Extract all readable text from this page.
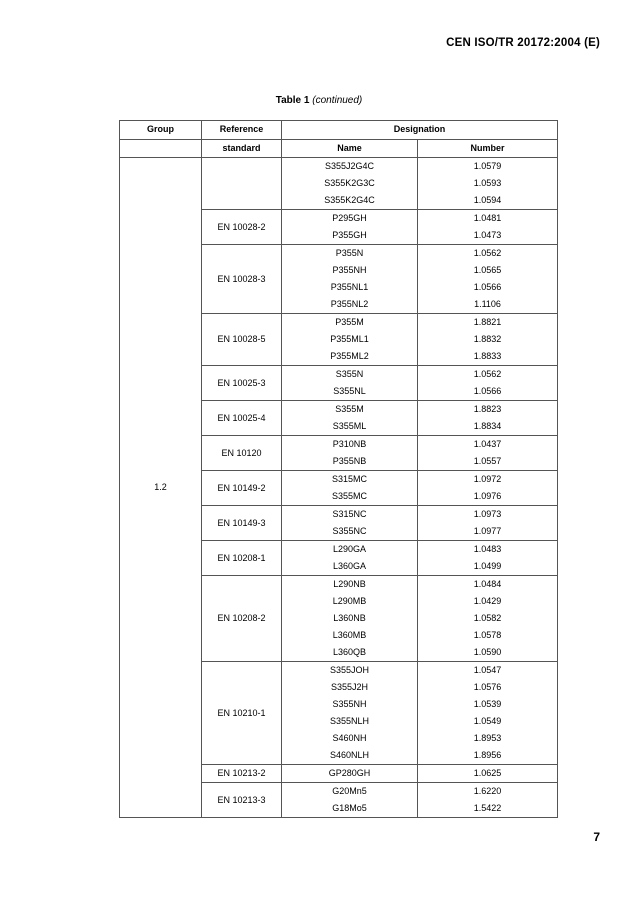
CEN ISO/TR 20172:2004 (E)
Table 1 (continued)
Group	Reference	Designation	
	standard	Name	Number
1.2		S355J2G4C	1.0579
		S355K2G3C	1.0593
		S355K2G4C	1.0594
	EN 10028-2	P295GH	1.0481
		P355GH	1.0473
	EN 10028-3	P355N	1.0562
		P355NH	1.0565
		P355NL1	1.0566
		P355NL2	1.1106
	EN 10028-5	P355M	1.8821
		P355ML1	1.8832
		P355ML2	1.8833
	EN 10025-3	S355N	1.0562
		S355NL	1.0566
	EN 10025-4	S355M	1.8823
		S355ML	1.8834
	EN 10120	P310NB	1.0437
		P355NB	1.0557
	EN 10149-2	S315MC	1.0972
		S355MC	1.0976
	EN 10149-3	S315NC	1.0973
		S355NC	1.0977
	EN 10208-1	L290GA	1.0483
		L360GA	1.0499
	EN 10208-2	L290NB	1.0484
		L290MB	1.0429
		L360NB	1.0582
		L360MB	1.0578
		L360QB	1.0590
	EN 10210-1	S355JOH	1.0547
		S355J2H	1.0576
		S355NH	1.0539
		S355NLH	1.0549
		S460NH	1.8953
		S460NLH	1.8956
	EN 10213-2	GP280GH	1.0625
	EN 10213-3	G20Mn5	1.6220
		G18Mo5	1.5422
7
